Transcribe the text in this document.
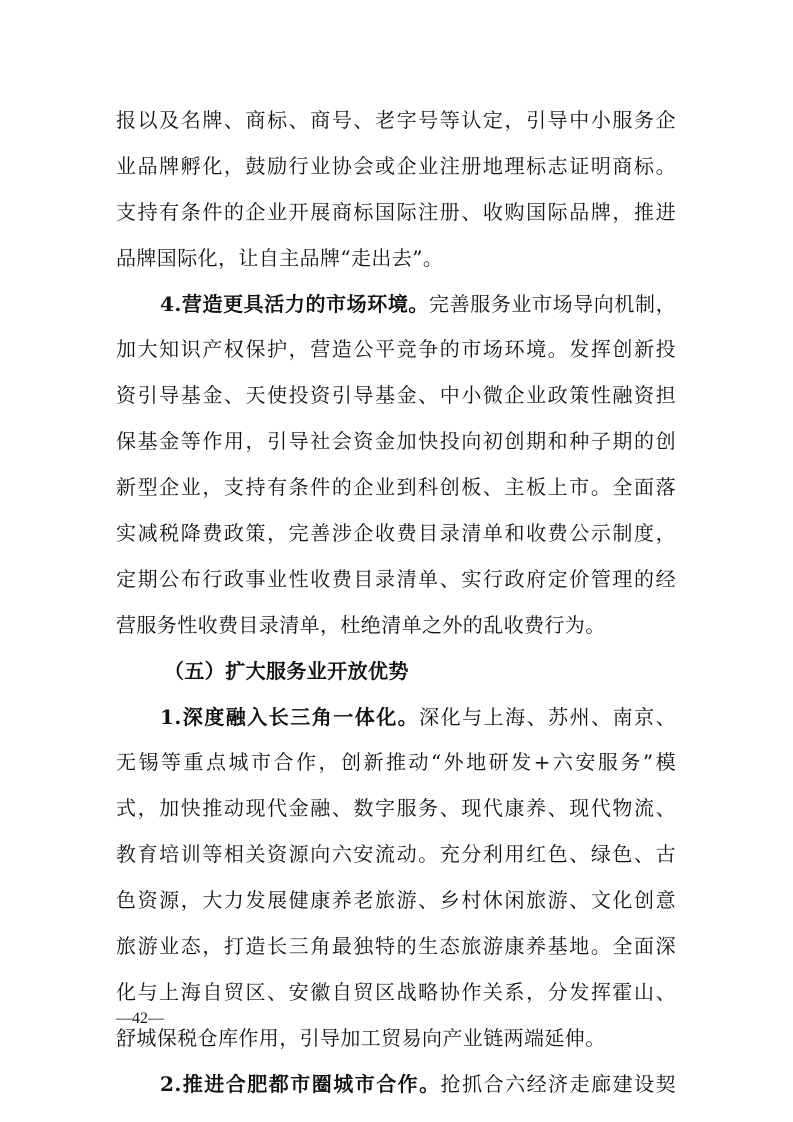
报以及名牌、商标、商号、老字号等认定，引导中小服务企
业品牌孵化，鼓励行业协会或企业注册地理标志证明商标。
支持有条件的企业开展商标国际注册、收购国际品牌，推进
品牌国际化，让自主品牌“走出去”。
4.营造更具活力的市场环境。完善服务业市场导向机制，
加大知识产权保护，营造公平竞争的市场环境。发挥创新投
资引导基金、天使投资引导基金、中小微企业政策性融资担
保基金等作用，引导社会资金加快投向初创期和种子期的创
新型企业，支持有条件的企业到科创板、主板上市。全面落
实减税降费政策，完善涉企收费目录清单和收费公示制度，
定期公布行政事业性收费目录清单、实行政府定价管理的经
营服务性收费目录清单，杜绝清单之外的乱收费行为。
（五）扩大服务业开放优势
1.深度融入长三角一体化。深化与上海、苏州、南京、
无锡等重点城市合作，创新推动“外地研发+六安服务”模
式，加快推动现代金融、数字服务、现代康养、现代物流、
教育培训等相关资源向六安流动。充分利用红色、绿色、古
色资源，大力发展健康养老旅游、乡村休闲旅游、文化创意
旅游业态，打造长三角最独特的生态旅游康养基地。全面深
化与上海自贸区、安徽自贸区战略协作关系，分发挥霍山、
舒城保税仓库作用，引导加工贸易向产业链两端延伸。
2.推进合肥都市圈城市合作。抢抓合六经济走廊建设契
—42—
